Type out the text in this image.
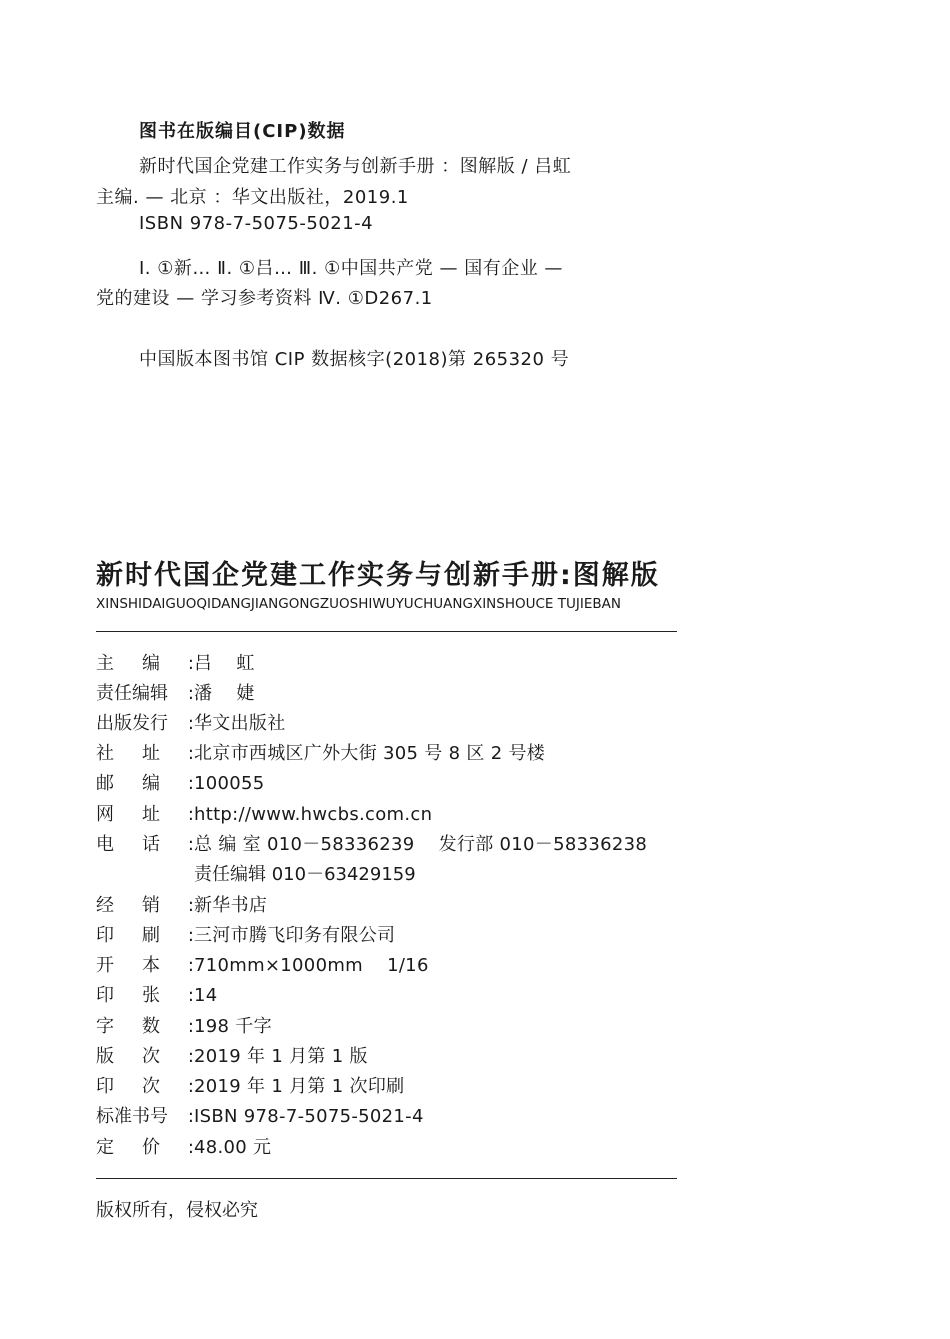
图书在版编目(CIP)数据
新时代国企党建工作实务与创新手册 ：图解版 / 吕虹
主编. — 北京 ：华文出版社，2019.1
ISBN 978-7-5075-5021-4
Ⅰ. ①新… Ⅱ. ①吕… Ⅲ. ①中国共产党 — 国有企业 —
党的建设 — 学习参考资料 Ⅳ. ①D267.1
中国版本图书馆 CIP 数据核字(2018)第 265320 号
新时代国企党建工作实务与创新手册:图解版
XINSHIDAIGUOQIDANGJIANGONGZUOSHIWUYUCHUANGXINSHOUCE TUJIEBAN
主 编 : 吕    虹
责任编辑 : 潘    婕
出版发行 : 华文出版社
社 址 : 北京市西城区广外大街 305 号 8 区 2 号楼
邮 编 : 100055
网 址 : http://www.hwcbs.com.cn
电 话 : 总 编 室 010－58336239    发行部 010－58336238
经 销 : 新华书店
印 刷 : 三河市腾飞印务有限公司
开 本 : 710mm×1000mm    1/16
印 张 : 14
字 数 : 198 千字
版 次 : 2019 年 1 月第 1 版
印 次 : 2019 年 1 月第 1 次印刷
标准书号 : ISBN 978-7-5075-5021-4
定 价 : 48.00 元
责任编辑 010－63429159
版权所有，侵权必究
